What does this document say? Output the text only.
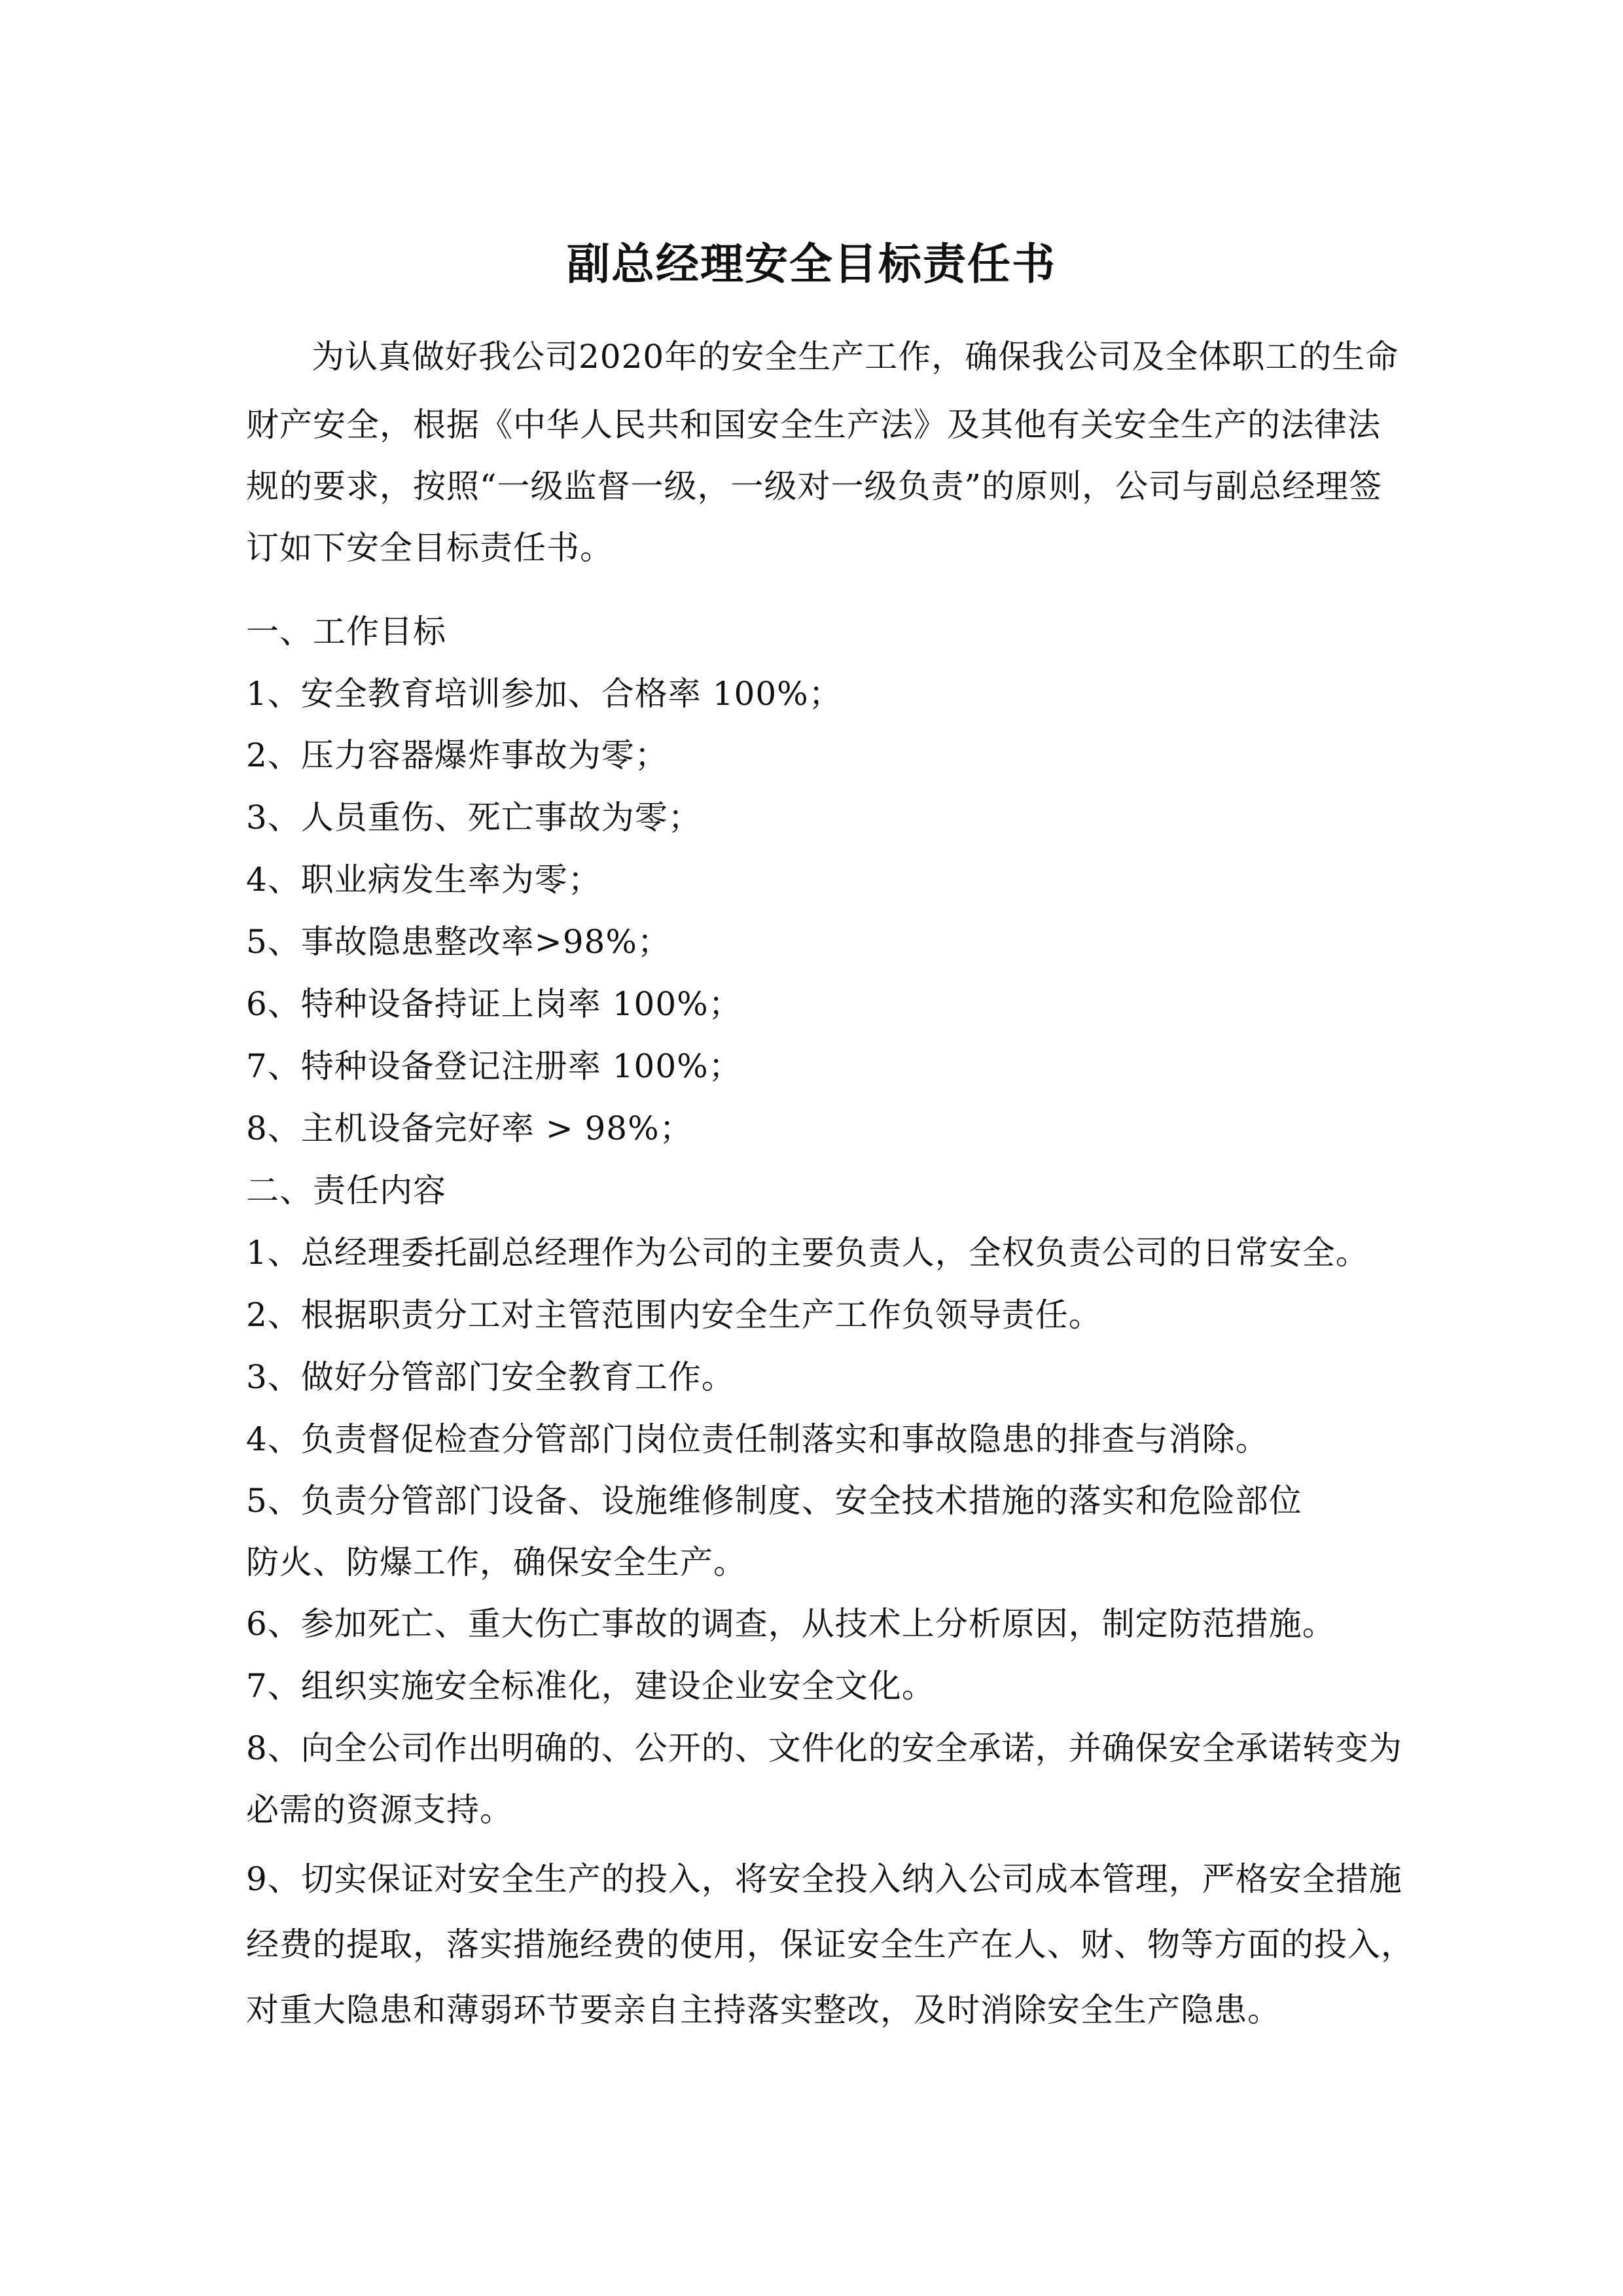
副总经理安全目标责任书
为认真做好我公司2020年的安全生产工作，确保我公司及全体职工的生命
财产安全，根据《中华人民共和国安全生产法》及其他有关安全生产的法律法
规的要求，按照“一级监督一级，一级对一级负责”的原则，公司与副总经理签
订如下安全目标责任书。
一、工作目标
1、安全教育培训参加、合格率 100%；
2、压力容器爆炸事故为零；
3、人员重伤、死亡事故为零；
4、职业病发生率为零；
5、事故隐患整改率>98%；
6、特种设备持证上岗率 100%；
7、特种设备登记注册率 100%；
8、主机设备完好率 > 98%；
二、责任内容
1、总经理委托副总经理作为公司的主要负责人，全权负责公司的日常安全。
2、根据职责分工对主管范围内安全生产工作负领导责任。
3、做好分管部门安全教育工作。
4、负责督促检查分管部门岗位责任制落实和事故隐患的排查与消除。
5、负责分管部门设备、设施维修制度、安全技术措施的落实和危险部位
防火、防爆工作，确保安全生产。
6、参加死亡、重大伤亡事故的调查，从技术上分析原因，制定防范措施。
7、组织实施安全标准化，建设企业安全文化。
8、向全公司作出明确的、公开的、文件化的安全承诺，并确保安全承诺转变为
必需的资源支持。
9、切实保证对安全生产的投入，将安全投入纳入公司成本管理，严格安全措施
经费的提取，落实措施经费的使用，保证安全生产在人、财、物等方面的投入，
对重大隐患和薄弱环节要亲自主持落实整改，及时消除安全生产隐患。
